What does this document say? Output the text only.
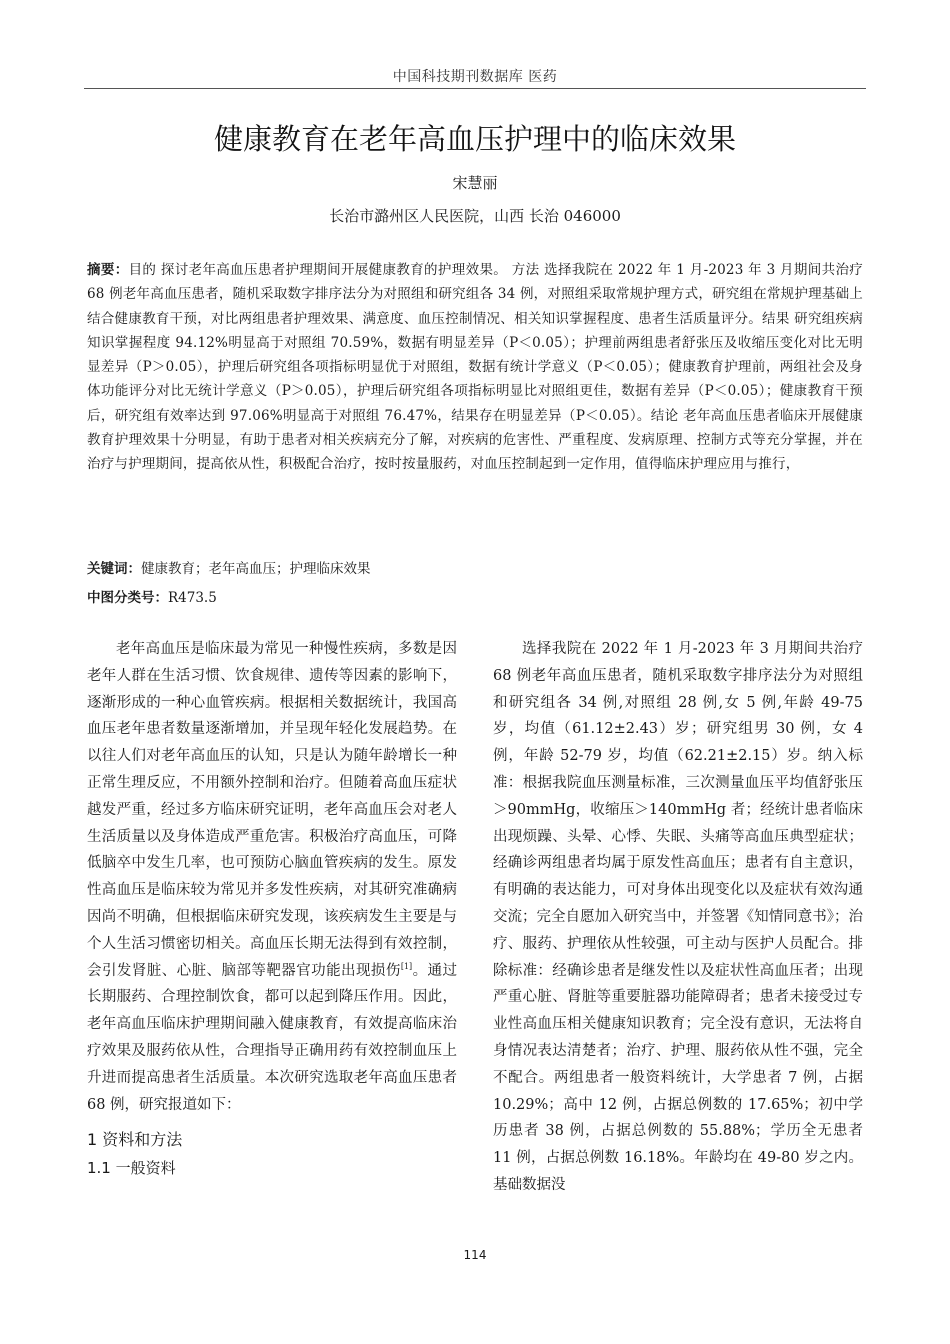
中国科技期刊数据库 医药
健康教育在老年高血压护理中的临床效果
宋慧丽
长治市潞州区人民医院，山西 长治 046000
摘要：目的 探讨老年高血压患者护理期间开展健康教育的护理效果。 方法 选择我院在 2022 年 1 月-2023 年 3 月期间共治疗 68 例老年高血压患者，随机采取数字排序法分为对照组和研究组各 34 例，对照组采取常规护理方式，研究组在常规护理基础上结合健康教育干预，对比两组患者护理效果、满意度、血压控制情况、相关知识掌握程度、患者生活质量评分。结果 研究组疾病知识掌握程度 94.12%明显高于对照组 70.59%，数据有明显差异（P＜0.05）；护理前两组患者舒张压及收缩压变化对比无明显差异（P＞0.05），护理后研究组各项指标明显优于对照组，数据有统计学意义（P＜0.05）；健康教育护理前，两组社会及身体功能评分对比无统计学意义（P＞0.05），护理后研究组各项指标明显比对照组更佳，数据有差异（P＜0.05）；健康教育干预后，研究组有效率达到 97.06%明显高于对照组 76.47%，结果存在明显差异（P＜0.05）。结论 老年高血压患者临床开展健康教育护理效果十分明显，有助于患者对相关疾病充分了解，对疾病的危害性、严重程度、发病原理、控制方式等充分掌握，并在治疗与护理期间，提高依从性，积极配合治疗，按时按量服药，对血压控制起到一定作用，值得临床护理应用与推行，
关键词：健康教育；老年高血压；护理临床效果
中图分类号：R473.5

老年高血压是临床最为常见一种慢性疾病，多数是因老年人群在生活习惯、饮食规律、遗传等因素的影响下，逐渐形成的一种心血管疾病。根据相关数据统计，我国高血压老年患者数量逐渐增加，并呈现年轻化发展趋势。在以往人们对老年高血压的认知，只是认为随年龄增长一种正常生理反应，不用额外控制和治疗。但随着高血压症状越发严重，经过多方临床研究证明，老年高血压会对老人生活质量以及身体造成严重危害。积极治疗高血压，可降低脑卒中发生几率，也可预防心脑血管疾病的发生。原发性高血压是临床较为常见并多发性疾病，对其研究准确病因尚不明确，但根据临床研究发现，该疾病发生主要是与个人生活习惯密切相关。高血压长期无法得到有效控制，会引发肾脏、心脏、脑部等靶器官功能出现损伤[1]。通过长期服药、合理控制饮食，都可以起到降压作用。因此，老年高血压临床护理期间融入健康教育，有效提高临床治疗效果及服药依从性，合理指导正确用药有效控制血压上升进而提高患者生活质量。本次研究选取老年高血压患者 68 例，研究报道如下：

1 资料和方法
1.1 一般资料

选择我院在 2022 年 1 月-2023 年 3 月期间共治疗 68 例老年高血压患者，随机采取数字排序法分为对照组和研究组各 34 例,对照组 28 例,女 5 例,年龄 49-75 岁，均值（61.12±2.43）岁；研究组男 30 例，女 4 例，年龄 52-79 岁，均值（62.21±2.15）岁。纳入标准：根据我院血压测量标准，三次测量血压平均值舒张压＞90mmHg，收缩压＞140mmHg 者；经统计患者临床出现烦躁、头晕、心悸、失眠、头痛等高血压典型症状；经确诊两组患者均属于原发性高血压；患者有自主意识，有明确的表达能力，可对身体出现变化以及症状有效沟通交流；完全自愿加入研究当中，并签署《知情同意书》；治疗、服药、护理依从性较强，可主动与医护人员配合。排除标准：经确诊患者是继发性以及症状性高血压者；出现严重心脏、肾脏等重要脏器功能障碍者；患者未接受过专业性高血压相关健康知识教育；完全没有意识，无法将自身情况表达清楚者；治疗、护理、服药依从性不强，完全不配合。两组患者一般资料统计，大学患者 7 例，占据 10.29%；高中 12 例，占据总例数的 17.65%；初中学历患者 38 例，占据总例数的 55.88%；学历全无患者 11 例，占据总例数 16.18%。年龄均在 49-80 岁之内。基础数据没

114
